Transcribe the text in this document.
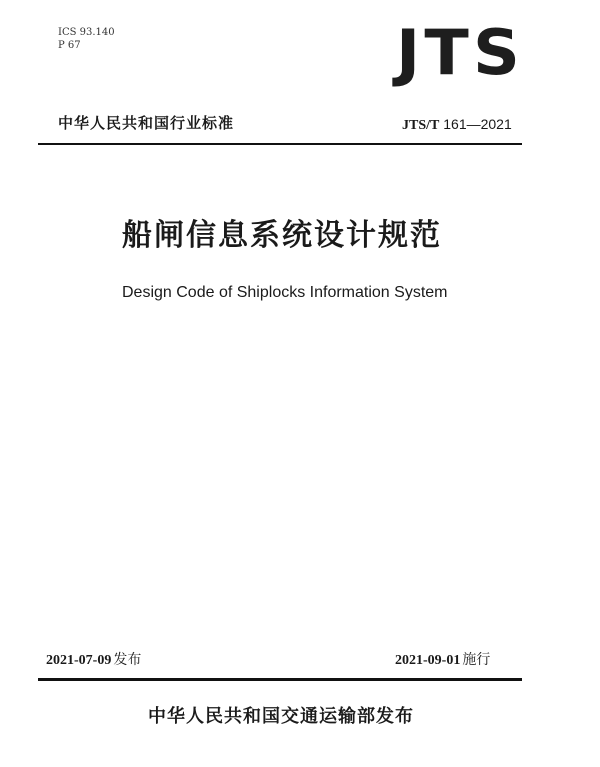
ICS 93.140
P 67	JTS
中华人民共和国行业标准	JTS/T 161—2021
船闸信息系统设计规范
Design Code of Shiplocks Information System
2021-07-09 发布	2021-09-01 施行
中华人民共和国交通运输部发布
